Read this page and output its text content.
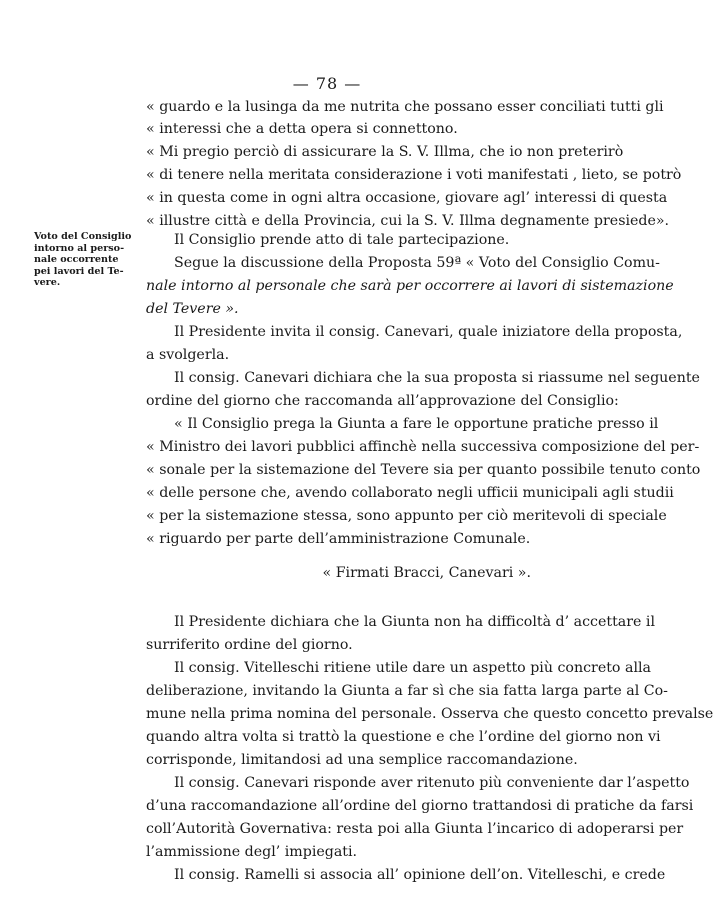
— 78 —
Voto del Consiglio
intorno al perso-
nale occorrente
pei lavori del Te-
vere.
« guardo e la lusinga da me nutrita che possano esser conciliati tutti gli
« interessi che a detta opera si connettono.
« Mi pregio perciò di assicurare la S. V. Illma, che io non preterirò
« di tenere nella meritata considerazione i voti manifestati , lieto, se potrò
« in questa come in ogni altra occasione, giovare agl’ interessi di questa
« illustre città e della Provincia, cui la S. V. Illma degnamente presiede».
Il Consiglio prende atto di tale partecipazione.
Segue la discussione della Proposta 59ª « Voto del Consiglio Comu-
nale intorno al personale che sarà per occorrere ai lavori di sistemazione
del Tevere ».
Il Presidente invita il consig. Canevari, quale iniziatore della proposta,
a svolgerla.
Il consig. Canevari dichiara che la sua proposta si riassume nel seguente
ordine del giorno che raccomanda all’approvazione del Consiglio:
« Il Consiglio prega la Giunta a fare le opportune pratiche presso il
« Ministro dei lavori pubblici affinchè nella successiva composizione del per-
« sonale per la sistemazione del Tevere sia per quanto possibile tenuto conto
« delle persone che, avendo collaborato negli ufficii municipali agli studii
« per la sistemazione stessa, sono appunto per ciò meritevoli di speciale
« riguardo per parte dell’amministrazione Comunale.
« Firmati Bracci, Canevari ».
Il Presidente dichiara che la Giunta non ha difficoltà d’ accettare il
surriferito ordine del giorno.
Il consig. Vitelleschi ritiene utile dare un aspetto più concreto alla
deliberazione, invitando la Giunta a far sì che sia fatta larga parte al Co-
mune nella prima nomina del personale. Osserva che questo concetto prevalse
quando altra volta si trattò la questione e che l’ordine del giorno non vi
corrisponde, limitandosi ad una semplice raccomandazione.
Il consig. Canevari risponde aver ritenuto più conveniente dar l’aspetto
d’una raccomandazione all’ordine del giorno trattandosi di pratiche da farsi
coll’Autorità Governativa: resta poi alla Giunta l’incarico di adoperarsi per
l’ammissione degl’ impiegati.
Il consig. Ramelli si associa all’ opinione dell’on. Vitelleschi, e crede
